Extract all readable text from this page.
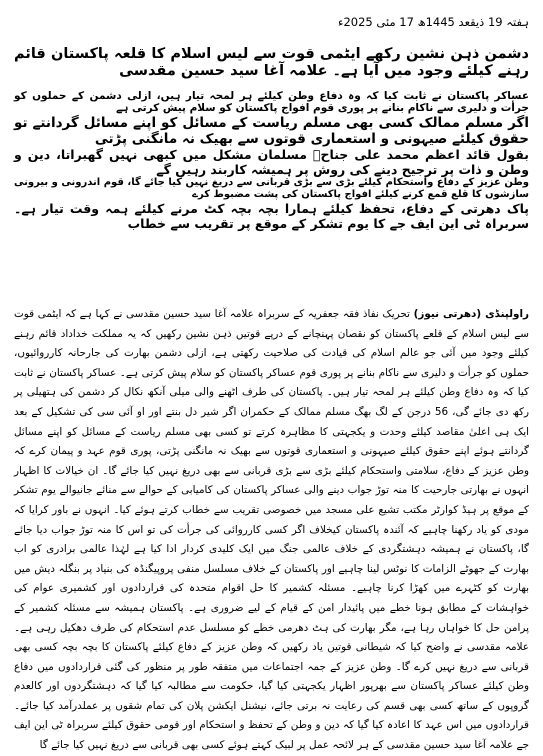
ہفتہ 19 ذیقعد 1445ھ 17 مئی 2025ء

دشمن ذہن نشین رکھے ایٹمی قوت سے لیس اسلام کا قلعہ پاکستان قائم رہنے کیلئے وجود میں آیا ہے۔ علامہ آغا سید حسین مقدسی

عساکر پاکستان نے ثابت کیا کہ وہ دفاع وطن کیلئے ہر لمحہ تیار ہیں، ازلی دشمن کے حملوں کو جرأت و دلیری سے ناکام بنانے پر پوری قوم افواج پاکستان کو سلام پیش کرتی ہے

اگر مسلم ممالک کسی بھی مسلم ریاست کے مسائل کو اپنے مسائل گردانتے تو حقوق کیلئے صیہونی و استعماری قوتوں سے بھیک نہ مانگنی پڑتی

بقول قائد اعظم محمد علی جناحؒ مسلمان مشکل میں کبھی نہیں گھبراتا، دین و وطن و ذات پر ترجیح دینے کی روش پر ہمیشہ کاربند رہیں گے

وطن عزیز کے دفاع واستحکام کیلئے بڑی سے بڑی قربانی سے دریغ نہیں کیا جائے گا، قوم اندرونی و بیرونی سازشوں کا قلع قمع کرنے کیلئے افواج پاکستان کی پشت مضبوط کرے

پاک دھرتی کے دفاع، تحفظ کیلئے ہمارا بچہ بچہ کٹ مرنے کیلئے ہمہ وقت تیار ہے۔ سربراہ ٹی این ایف جے کا یوم تشکر کے موقع پر تقریب سے خطاب

راولپنڈی (دھرتی نیوز) تحریک نفاذ فقہ جعفریہ کے سربراہ علامہ آغا سید حسین مقدسی نے کہا ہے کہ ایٹمی قوت سے لیس اسلام کے قلعے پاکستان کو نقصان پہنچانے کے درپے قوتیں ذہن نشین رکھیں کہ یہ مملکت خداداد قائم رہنے کیلئے وجود میں آئی جو عالم اسلام کی قیادت کی صلاحیت رکھتی ہے، ازلی دشمن بھارت کی جارحانہ کارروائیوں، حملوں کو جرأت و دلیری سے ناکام بنانے پر پوری قوم عساکر پاکستان کو سلام پیش کرتی ہے۔ عساکر پاکستان نے ثابت کیا کہ وہ دفاع وطن کیلئے ہر لمحہ تیار ہیں۔ پاکستان کی طرف اٹھنے والی میلی آنکھ نکال کر دشمن کی ہتھیلی پر رکھ دی جائے گی، 56 درجن کے لگ بھگ مسلم ممالک کے حکمران اگر شیر دل بنتے اور او آئی سی کی تشکیل کے بعد ایک ہی اعلیٰ مقاصد کیلئے وحدت و یکجہتی کا مظاہرہ کرتے تو کسی بھی مسلم ریاست کے مسائل کو اپنے مسائل گردانتے ہوئے اپنے حقوق کیلئے صیہونی و استعماری قوتوں سے بھیک نہ مانگنی پڑتی، پوری قوم عہد و پیمان کرے کہ وطن عزیز کے دفاع، سلامتی واستحکام کیلئے بڑی سے بڑی قربانی سے بھی دریغ نہیں کیا جائے گا۔ ان خیالات کا اظہار انہوں نے بھارتی جارحیت کا منہ توڑ جواب دینے والی عساکر پاکستان کی کامیابی کے حوالے سے منائے جانیوالے یوم تشکر کے موقع پر ہیڈ کوارٹر مکتب تشیع علی مسجد میں خصوصی تقریب سے خطاب کرتے ہوئے کیا۔ انہوں نے باور کرایا کہ مودی کو یاد رکھنا چاہیے کہ آئندہ پاکستان کیخلاف اگر کسی کارروائی کی جرأت کی تو اس کا منہ توڑ جواب دیا جائے گا، پاکستان نے ہمیشہ دہشتگردی کے خلاف عالمی جنگ میں ایک کلیدی کردار ادا کیا ہے لہٰذا عالمی برادری کو اب بھارت کے جھوٹے الزامات کا نوٹس لینا چاہیے اور پاکستان کے خلاف مسلسل منفی پروپیگنڈہ کی بنیاد پر بنگلہ دیش میں بھارت کو کٹہرے میں کھڑا کرنا چاہیے۔ مسئلہ کشمیر کا حل اقوام متحدہ کی قراردادوں اور کشمیری عوام کی خواہشات کے مطابق ہونا خطے میں پائیدار امن کے قیام کے لیے ضروری ہے۔ پاکستان ہمیشہ سے مسئلہ کشمیر کے پرامن حل کا خواہاں رہا ہے، مگر بھارت کی ہٹ دھرمی خطے کو مسلسل عدم استحکام کی طرف دھکیل رہی ہے۔ علامہ مقدسی نے واضح کیا کہ شیطانی قوتیں یاد رکھیں کہ وطن عزیز کے دفاع کیلئے پاکستان کا بچہ بچہ کسی بھی قربانی سے دریغ نہیں کرے گا۔ وطن عزیز کے جمہ اجتماعات میں متفقہ طور پر منظور کی گئی قراردادوں میں دفاع وطن کیلئے عساکر پاکستان سے بھرپور اظہار یکجہتی کیا گیا، حکومت سے مطالبہ کیا گیا کہ دہشتگردوں اور کالعدم گروپوں کے ساتھ کسی بھی قسم کی رعایت نہ برتی جائے، نیشنل ایکشن پلان کی تمام شقوں پر عملدرآمد کیا جائے۔ قراردادوں میں اس عہد کا اعادہ کیا گیا کہ دین و وطن کے تحفظ و استحکام اور قومی حقوق کیلئے سربراہ ٹی این ایف جے علامہ آغا سید حسین مقدسی کے ہر لائحہ عمل پر لبیک کہتے ہوئے کسی بھی قربانی سے دریغ نہیں کیا جائے گا
